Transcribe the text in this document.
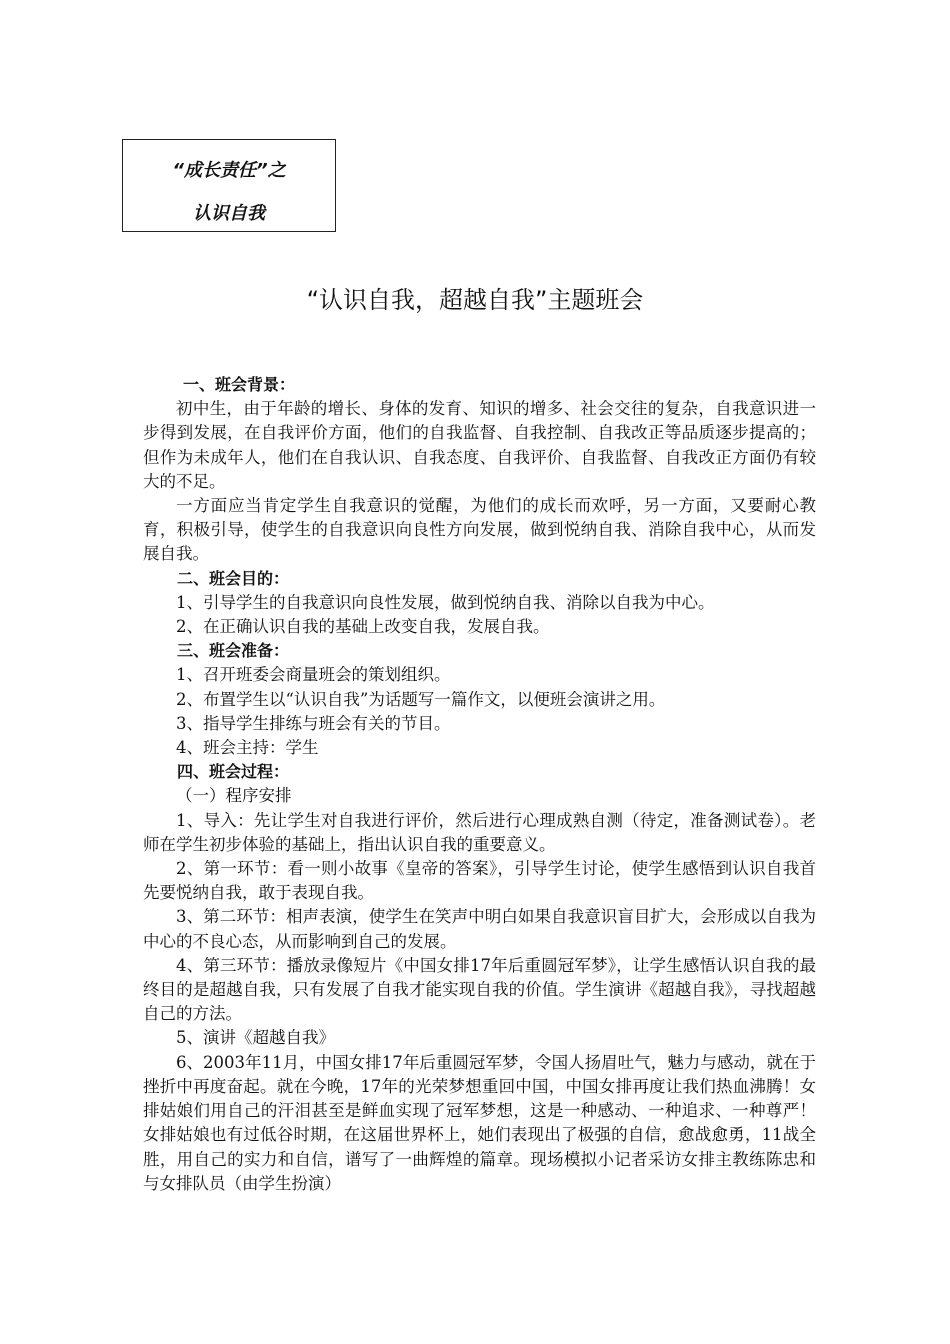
“成长责任”之
认识自我
“认识自我，超越自我”主题班会

一、班会背景：

初中生，由于年龄的增长、身体的发育、知识的增多、社会交往的复杂，自我意识进一步得到发展，在自我评价方面，他们的自我监督、自我控制、自我改正等品质逐步提高的；但作为未成年人，他们在自我认识、自我态度、自我评价、自我监督、自我改正方面仍有较大的不足。

一方面应当肯定学生自我意识的觉醒，为他们的成长而欢呼，另一方面，又要耐心教育，积极引导，使学生的自我意识向良性方向发展，做到悦纳自我、消除自我中心，从而发展自我。

二、班会目的：

1、引导学生的自我意识向良性发展，做到悦纳自我、消除以自我为中心。

2、在正确认识自我的基础上改变自我，发展自我。

三、班会准备：

1、召开班委会商量班会的策划组织。

2、布置学生以“认识自我”为话题写一篇作文，以便班会演讲之用。

3、指导学生排练与班会有关的节目。

4、班会主持：学生

四、班会过程：

（一）程序安排

1、导入：先让学生对自我进行评价，然后进行心理成熟自测（待定，准备测试卷）。老师在学生初步体验的基础上，指出认识自我的重要意义。

2、第一环节：看一则小故事《皇帝的答案》，引导学生讨论，使学生感悟到认识自我首先要悦纳自我，敢于表现自我。

3、第二环节：相声表演，使学生在笑声中明白如果自我意识盲目扩大，会形成以自我为中心的不良心态，从而影响到自己的发展。

4、第三环节：播放录像短片《中国女排17年后重圆冠军梦》，让学生感悟认识自我的最终目的是超越自我，只有发展了自我才能实现自我的价值。学生演讲《超越自我》，寻找超越自己的方法。

5、演讲《超越自我》

6、2003年11月，中国女排17年后重圆冠军梦，令国人扬眉吐气，魅力与感动，就在于挫折中再度奋起。就在今晚，17年的光荣梦想重回中国，中国女排再度让我们热血沸腾！女排姑娘们用自己的汗泪甚至是鲜血实现了冠军梦想，这是一种感动、一种追求、一种尊严！女排姑娘也有过低谷时期，在这届世界杯上，她们表现出了极强的自信，愈战愈勇，11战全胜，用自己的实力和自信，谱写了一曲辉煌的篇章。现场模拟小记者采访女排主教练陈忠和与女排队员（由学生扮演）
